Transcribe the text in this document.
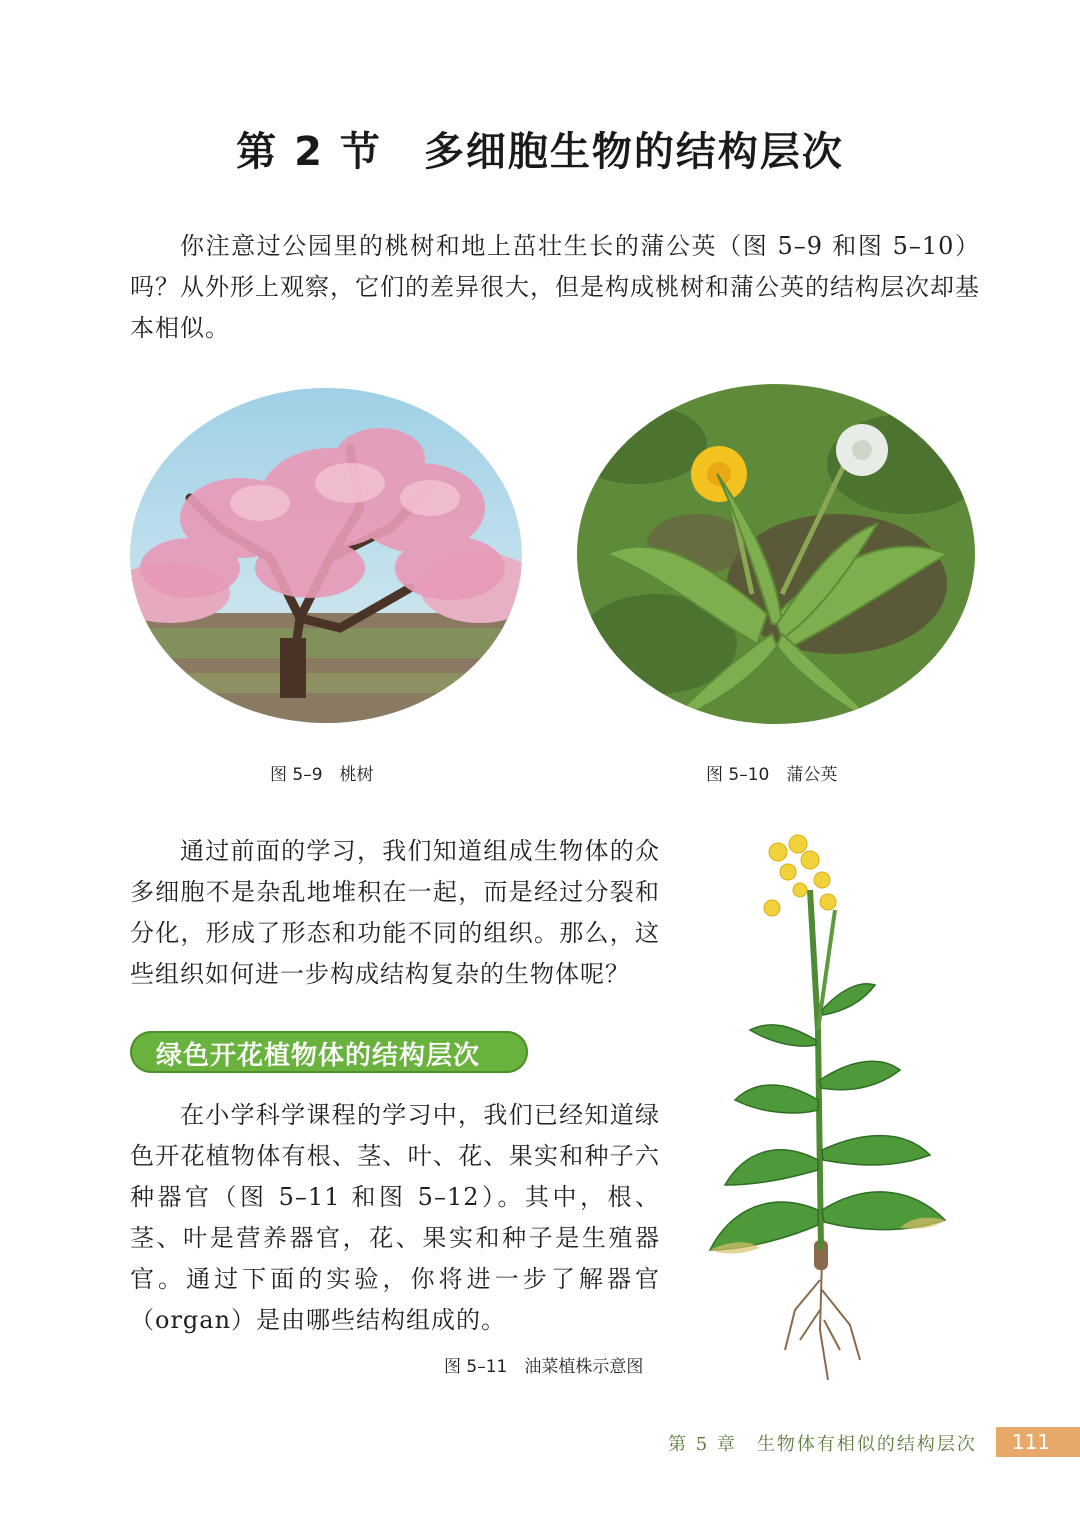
第 2 节　多细胞生物的结构层次

你注意过公园里的桃树和地上茁壮生长的蒲公英（图 5–9 和图 5–10）吗？从外形上观察，它们的差异很大，但是构成桃树和蒲公英的结构层次却基本相似。

图 5–9　桃树	图 5–10　蒲公英

通过前面的学习，我们知道组成生物体的众多细胞不是杂乱地堆积在一起，而是经过分裂和分化，形成了形态和功能不同的组织。那么，这些组织如何进一步构成结构复杂的生物体呢？

绿色开花植物体的结构层次

在小学科学课程的学习中，我们已经知道绿色开花植物体有根、茎、叶、花、果实和种子六种器官（图 5–11 和图 5–12）。其中，根、茎、叶是营养器官，花、果实和种子是生殖器官。通过下面的实验，你将进一步了解器官（organ）是由哪些结构组成的。

图 5–11　油菜植株示意图
第 5 章　生物体有相似的结构层次	111
